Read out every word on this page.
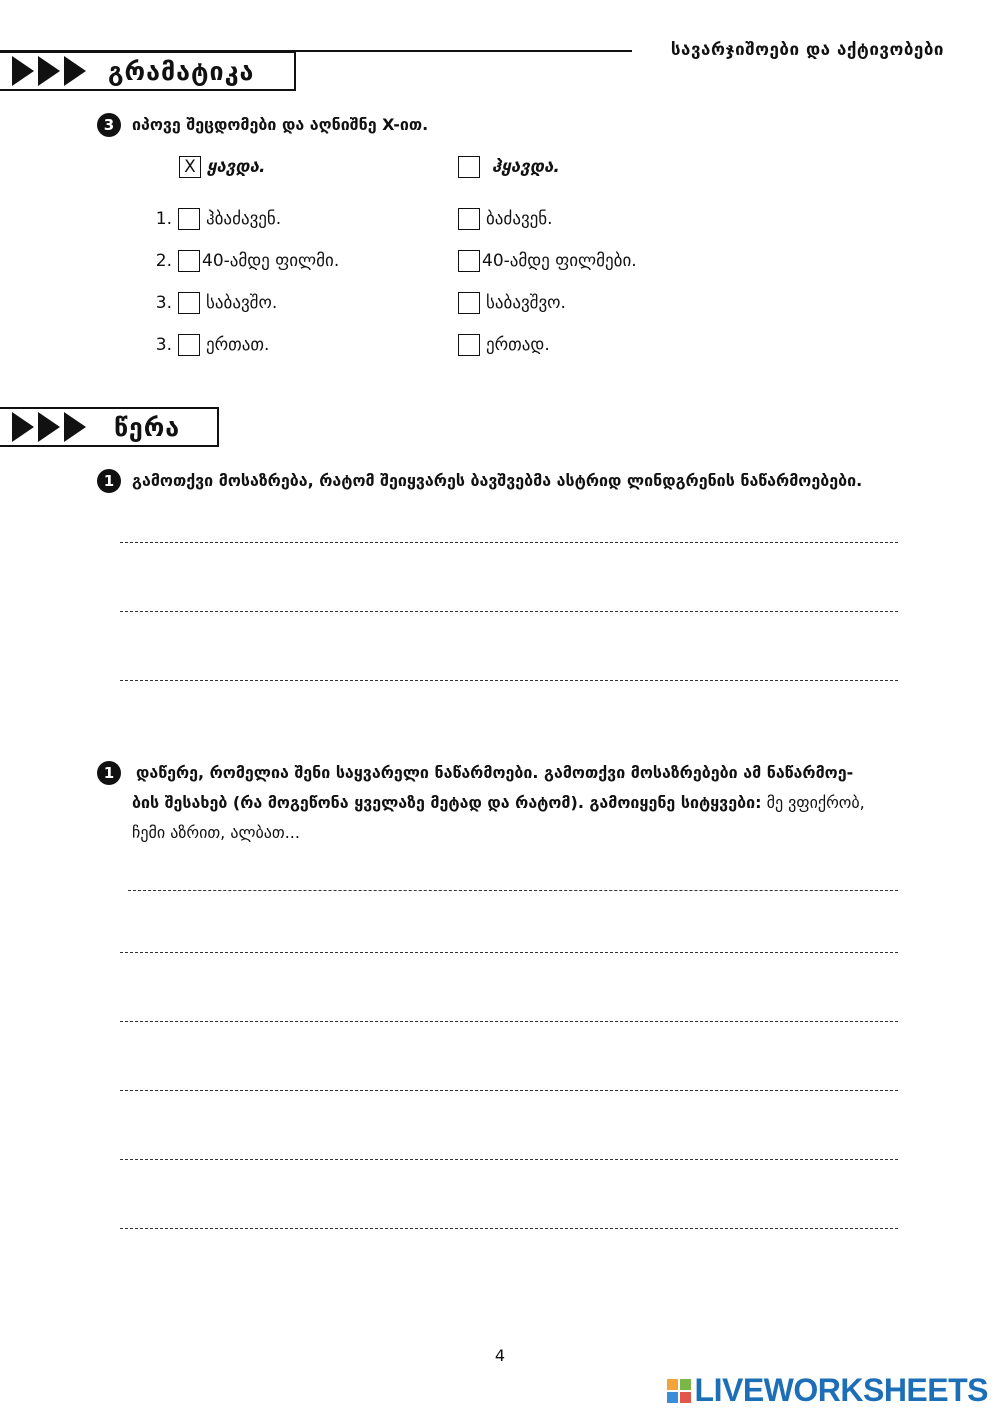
სავარჯიშოები და აქტივობები
გრამატიკა
3	იპოვე შეცდომები და აღნიშნე X-ით.
X ყავდა.	ჰყავდა.
1. ჰბაძავენ.	ბაძავენ.
2. 40-ამდე ფილმი.	40-ამდე ფილმები.
3. საბავშო.	საბავშვო.
3. ერთათ.	ერთად.
წერა
1	გამოთქვი მოსაზრება, რატომ შეიყვარეს ბავშვებმა ასტრიდ ლინდგრენის ნაწარმოებები.
1	დაწერე, რომელია შენი საყვარელი ნაწარმოები. გამოთქვი მოსაზრებები ამ ნაწარმოე-
ბის შესახებ (რა მოგეწონა ყველაზე მეტად და რატომ). გამოიყენე სიტყვები: მე ვფიქრობ,
ჩემი აზრით, ალბათ...
4
LIVEWORKSHEETS
